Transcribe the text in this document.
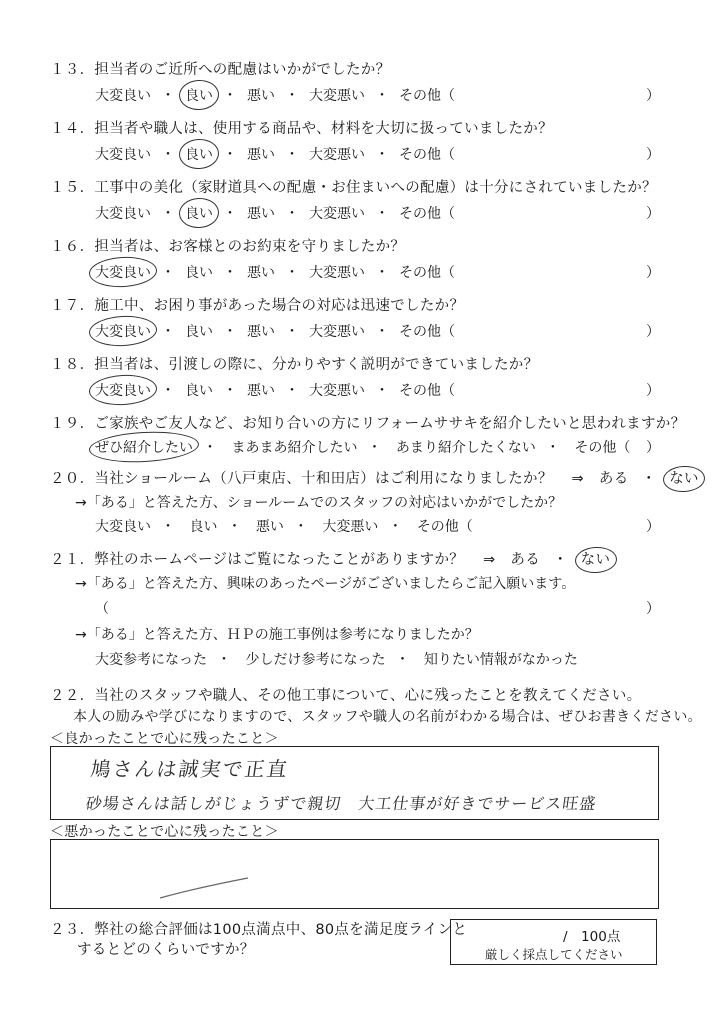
１３．担当者のご近所への配慮はいかがでしたか？
大変良い ・ 良い ・ 悪い ・ 大変悪い ・ その他（	）
１４．担当者や職人は、使用する商品や、材料を大切に扱っていましたか？
大変良い ・ 良い ・ 悪い ・ 大変悪い ・ その他（	）
１５．工事中の美化（家財道具への配慮・お住まいへの配慮）は十分にされていましたか？
大変良い ・ 良い ・ 悪い ・ 大変悪い ・ その他（	）
１６．担当者は、お客様とのお約束を守りましたか？
大変良い ・ 良い ・ 悪い ・ 大変悪い ・ その他（	）
１７．施工中、お困り事があった場合の対応は迅速でしたか？
大変良い ・ 良い ・ 悪い ・ 大変悪い ・ その他（	）
１８．担当者は、引渡しの際に、分かりやすく説明ができていましたか？
大変良い ・ 良い ・ 悪い ・ 大変悪い ・ その他（	）
１９．ご家族やご友人など、お知り合いの方にリフォームササキを紹介したいと思われますか？
ぜひ紹介したい ・ まあまあ紹介したい ・ あまり紹介したくない ・ その他（ ）
２０．当社ショールーム（八戸東店、十和田店）はご利用になりましたか？ ⇒ ある ・ ない
→「ある」と答えた方、ショールームでのスタッフの対応はいかがでしたか？
大変良い ・ 良い ・ 悪い ・ 大変悪い ・ その他（	）
２１．弊社のホームページはご覧になったことがありますか？ ⇒ ある ・ ない
→「ある」と答えた方、興味のあったページがございましたらご記入願います。
（	）
→「ある」と答えた方、ＨＰの施工事例は参考になりましたか？
大変参考になった ・ 少しだけ参考になった ・ 知りたい情報がなかった
２２．当社のスタッフや職人、その他工事について、心に残ったことを教えてください。
本人の励みや学びになりますので、スタッフや職人の名前がわかる場合は、ぜひお書きください。
＜良かったことで心に残ったこと＞
鳩さんは誠実で正直
砂場さんは話しがじょうずで親切　大工仕事が好きでサービス旺盛
＜悪かったことで心に残ったこと＞
２３．弊社の総合評価は100点満点中、80点を満足度ラインと
するとどのくらいですか？
/　100点
厳しく採点してください
